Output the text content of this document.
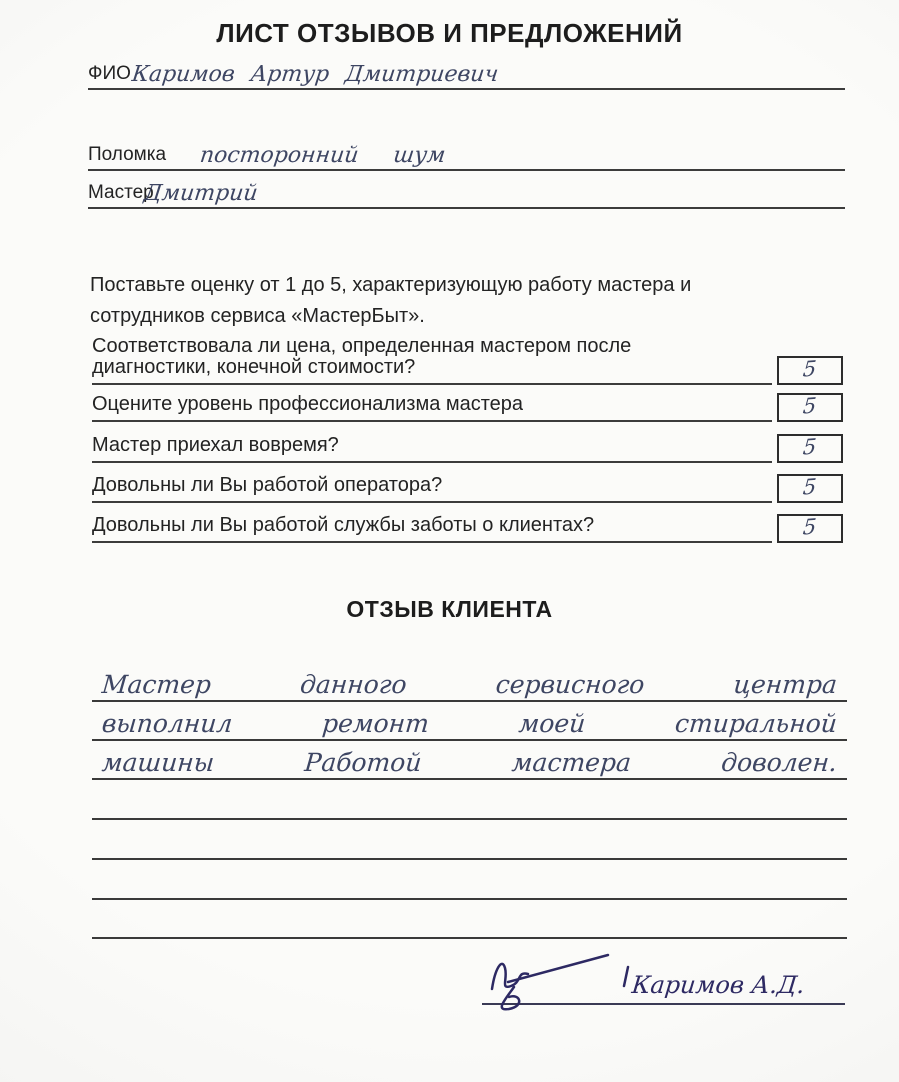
ЛИСТ ОТЗЫВОВ И ПРЕДЛОЖЕНИЙ
ФИО Каримов Артур Дмитриевич
Поломка посторонний шум
Мастер
Дмитрий
Поставьте оценку от 1 до 5, характеризующую работу мастера и
сотрудников сервиса «МастерБыт».
Соответствовала ли цена, определенная мастером после
диагностики, конечной стоимости?	5
Оцените уровень профессионализма мастера	5
Мастер приехал вовремя?	5
Довольны ли Вы работой оператора?	5
Довольны ли Вы работой службы заботы о клиентах?	5
ОТЗЫВ КЛИЕНТА
Мастер данного сервисного центра
выполнил ремонт моей стиральной
машины Работой мастера доволен.
Каримов А.Д.
